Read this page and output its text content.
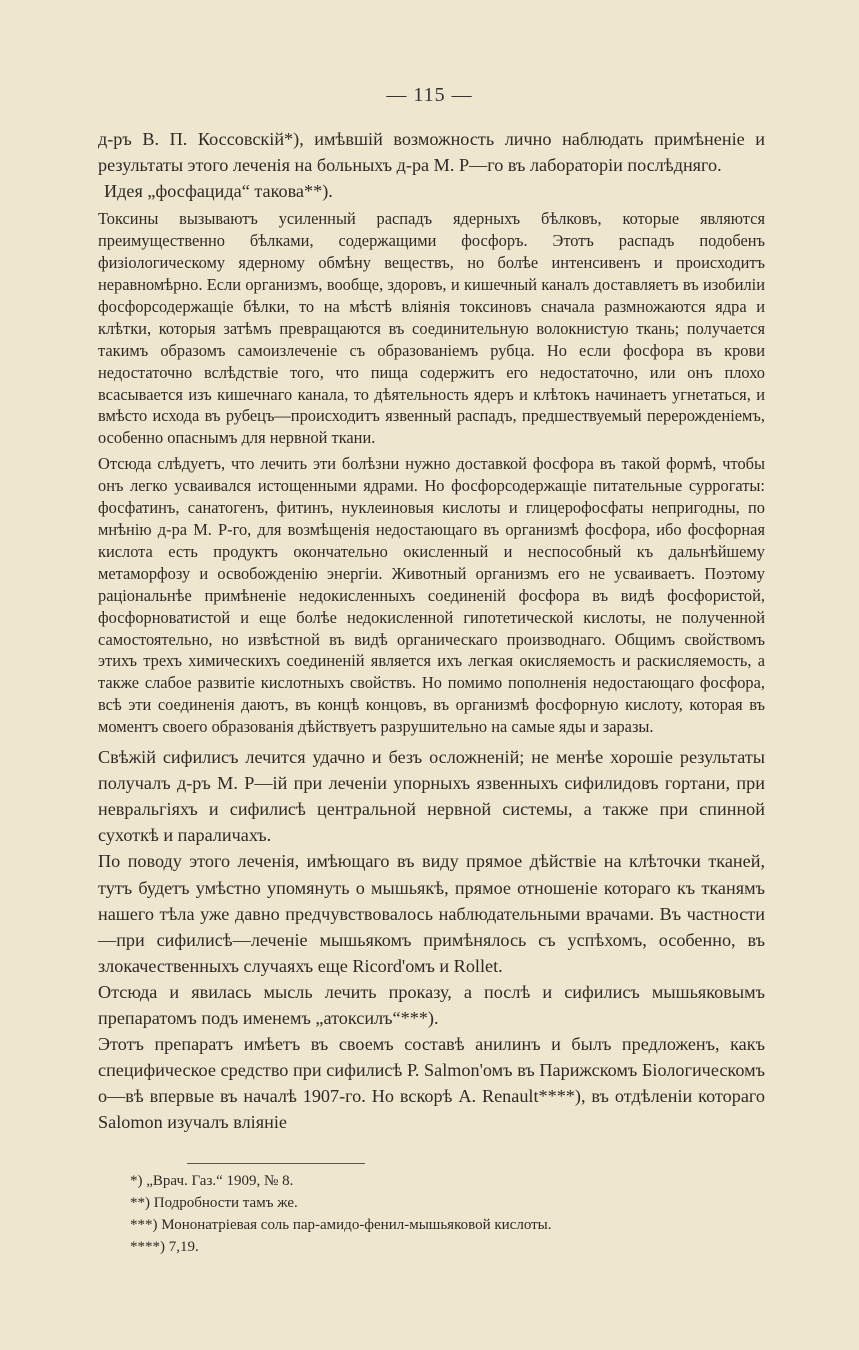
— 115 —

д-ръ В. П. Коссовскій*), имѣвшій возможность лично наблюдать примѣненіе и результаты этого леченія на больныхъ д-ра М. Р—го въ лабораторіи послѣдняго.

Идея „фосфацида“ такова**).

Токсины вызываютъ усиленный распадъ ядерныхъ бѣлковъ, которые являются преимущественно бѣлками, содержащими фосфоръ. Этотъ распадъ подобенъ физіологическому ядерному обмѣну веществъ, но болѣе интенсивенъ и происходитъ неравномѣрно. Если организмъ, вообще, здоровъ, и кишечный каналъ доставляетъ въ изобиліи фосфорсодержащіе бѣлки, то на мѣстѣ вліянія токсиновъ сначала размножаются ядра и клѣтки, которыя затѣмъ превращаются въ соединительную волокнистую ткань; получается такимъ образомъ самоизлеченіе съ образованіемъ рубца. Но если фосфора въ крови недостаточно вслѣдствіе того, что пища содержитъ его недостаточно, или онъ плохо всасывается изъ кишечнаго канала, то дѣятельность ядеръ и клѣтокъ начинаетъ угнетаться, и вмѣсто исхода въ рубецъ—происходитъ язвенный распадъ, предшествуемый перерожденіемъ, особенно опаснымъ для нервной ткани.

Отсюда слѣдуетъ, что лечить эти болѣзни нужно доставкой фосфора въ такой формѣ, чтобы онъ легко усваивался истощенными ядрами. Но фосфорсодержащіе питательные суррогаты: фосфатинъ, санатогенъ, фитинъ, нуклеиновыя кислоты и глицерофосфаты непригодны, по мнѣнію д-ра М. Р-го, для возмѣщенія недостающаго въ организмѣ фосфора, ибо фосфорная кислота есть продуктъ окончательно окисленный и неспособный къ дальнѣйшему метаморфозу и освобожденію энергіи. Животный организмъ его не усваиваетъ. Поэтому раціональнѣе примѣненіе недокисленныхъ соединеній фосфора въ видѣ фосфористой, фосфорноватистой и еще болѣе недокисленной гипотетической кислоты, не полученной самостоятельно, но извѣстной въ видѣ органическаго производнаго. Общимъ свойствомъ этихъ трехъ химическихъ соединеній является ихъ легкая окисляемость и раскисляемость, а также слабое развитіе кислотныхъ свойствъ. Но помимо пополненія недостающаго фосфора, всѣ эти соединенія даютъ, въ концѣ концовъ, въ организмѣ фосфорную кислоту, которая въ моментъ своего образованія дѣйствуетъ разрушительно на самые яды и заразы.

Свѣжій сифилисъ лечится удачно и безъ осложненій; не менѣе хорошіе результаты получалъ д-ръ М. Р—ій при леченіи упорныхъ язвенныхъ сифилидовъ гортани, при невральгіяхъ и сифилисѣ центральной нервной системы, а также при спинной сухоткѣ и параличахъ.

По поводу этого леченія, имѣющаго въ виду прямое дѣйствіе на клѣточки тканей, тутъ будетъ умѣстно упомянуть о мышьякѣ, прямое отношеніе котораго къ тканямъ нашего тѣла уже давно предчувствовалось наблюдательными врачами. Въ частности—при сифилисѣ—леченіе мышьякомъ примѣнялось съ успѣхомъ, особенно, въ злокачественныхъ случаяхъ еще Ricord'омъ и Rollet.

Отсюда и явилась мысль лечить проказу, а послѣ и сифилисъ мышьяковымъ препаратомъ подъ именемъ „атоксилъ“***).

Этотъ препаратъ имѣетъ въ своемъ составѣ анилинъ и былъ предложенъ, какъ специфическое средство при сифилисѣ Р. Salmon'омъ въ Парижскомъ Біологическомъ о—вѣ впервые въ началѣ 1907-го. Но вскорѣ А. Renault****), въ отдѣленіи котораго Salomon изучалъ вліяніе

*) „Врач. Газ.“ 1909, № 8.

**) Подробности тамъ же.

***) Мононатріевая соль пар-амидо-фенил-мышьяковой кислоты.

****) 7,19.
